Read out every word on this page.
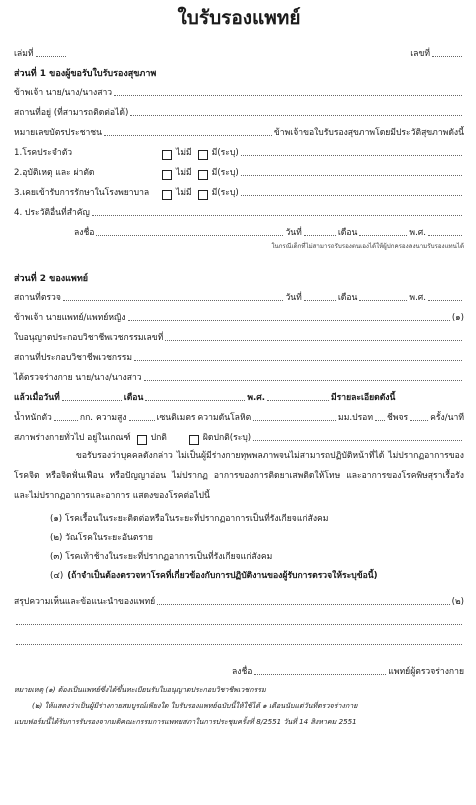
ใบรับรองแพทย์
เล่มที่	เลขที่
ส่วนที่ 1 ของผู้ขอรับใบรับรองสุขภาพ
ข้าพเจ้า นาย/นาง/นางสาว
สถานที่อยู่ (ที่สามารถติดต่อได้)
หมายเลขบัตรประชาชน	ข้าพเจ้าขอใบรับรองสุขภาพโดยมีประวัติสุขภาพดังนี้
1.โรคประจำตัว	ไม่มี มี(ระบุ)
2.อุบัติเหตุ และ ผ่าตัด	ไม่มี มี(ระบุ)
3.เคยเข้ารับการรักษาในโรงพยาบาล	ไม่มี มี(ระบุ)
4. ประวัติอื่นที่สำคัญ
ลงชื่อ	วันที่	เดือน	พ.ศ.
ในกรณีเด็กที่ไม่สามารถรับรองตนเองได้ให้ผู้ปกครองลงนามรับรองแทนได้
ส่วนที่ 2 ของแพทย์
สถานที่ตรวจ	วันที่	เดือน	พ.ศ.
ข้าพเจ้า นายแพทย์/แพทย์หญิง	(๑)
ใบอนุญาตประกอบวิชาชีพเวชกรรมเลขที่
สถานที่ประกอบวิชาชีพเวชกรรม
ได้ตรวจร่างกาย นาย/นาง/นางสาว
แล้วเมื่อวันที่	เดือน	พ.ศ.	มีรายละเอียดดังนี้
น้ำหนักตัว	กก. ความสูง	เซนติเมตร ความดันโลหิต	มม.ปรอท ชีพจร	ครั้ง/นาที
สภาพร่างกายทั่วไป อยู่ในเกณฑ์ ปกติ	ผิดปกติ(ระบุ)
ขอรับรองว่าบุคคลดังกล่าว ไม่เป็นผู้มีร่างกายทุพพลภาพจนไม่สามารถปฏิบัติหน้าที่ได้ ไม่ปรากฏอาการของโรคจิต หรือจิตฟั่นเฟือน หรือปัญญาอ่อน ไม่ปรากฏ อาการของการติดยาเสพติดให้โทษ และอาการของโรคพิษสุราเรื้อรัง และไม่ปรากฏอาการและอาการ แสดงของโรคต่อไปนี้
(๑) โรคเรื้อนในระยะติดต่อหรือในระยะที่ปรากฏอาการเป็นที่รังเกียจแก่สังคม
(๒) วัณโรคในระยะอันตราย
(๓) โรคเท้าช้างในระยะที่ปรากฏอาการเป็นที่รังเกียจแก่สังคม
(๔) (ถ้าจำเป็นต้องตรวจหาโรคที่เกี่ยวข้องกับการปฏิบัติงานของผู้รับการตรวจให้ระบุข้อนี้)
สรุปความเห็นและข้อแนะนำของแพทย์	(๒)
ลงชื่อ	แพทย์ผู้ตรวจร่างกาย
หมายเหตุ (๑) ต้องเป็นแพทย์ซึ่งได้ขึ้นทะเบียนรับใบอนุญาตประกอบวิชาชีพเวชกรรม
(๒) ให้แสดงว่าเป็นผู้มีร่างกายสมบูรณ์เพียงใด ใบรับรองแพทย์ฉบับนี้ให้ใช้ได้ ๑ เดือนนับแต่วันที่ตรวจร่างกาย
แบบฟอร์มนี้ได้รับการรับรองจากมติคณะกรรมการแพทยสภาในการประชุมครั้งที่ 8/2551 วันที่ 14 สิงหาคม 2551
